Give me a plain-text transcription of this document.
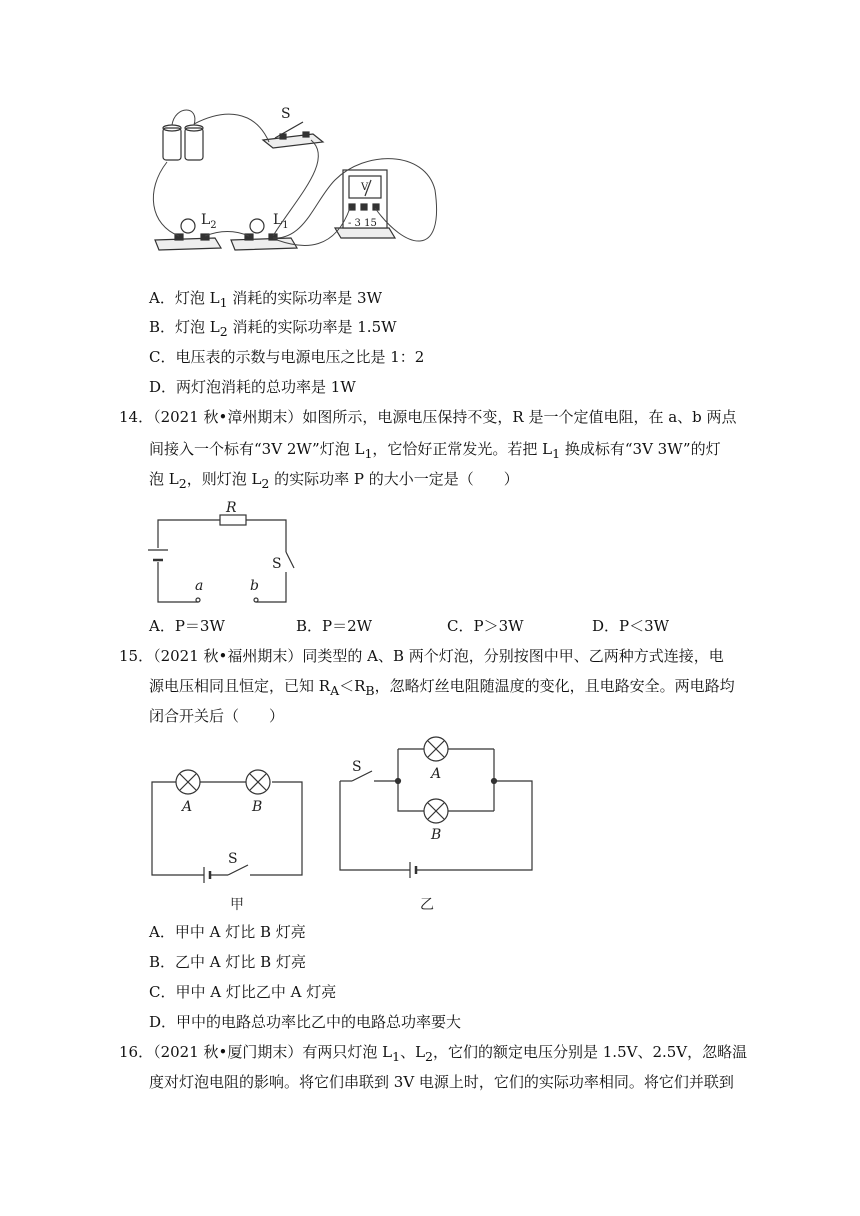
S
$L_2$	$L_1$
V
- 3 15
A．灯泡 $L_1$ 消耗的实际功率是 3W
B．灯泡 $L_2$ 消耗的实际功率是 1.5W
C．电压表的示数与电源电压之比是 1：2
D．两灯泡消耗的总功率是 1W
14．（2021 秋•漳州期末）如图所示，电源电压保持不变，R 是一个定值电阻，在 a、b 两点
间接入一个标有“3V 2W”灯泡 $L_1$，它恰好正常发光。若把 $L_1$ 换成标有“3V 3W”的灯
泡 $L_2$，则灯泡 $L_2$ 的实际功率 P 的大小一定是（　　）
R
S
a	b
A．P＝3W	B．P＝2W	C．P＞3W	D．P＜3W
15．（2021 秋•福州期末）同类型的 A、B 两个灯泡，分别按图中甲、乙两种方式连接，电
源电压相同且恒定，已知 $R_A<R_B$，忽略灯丝电阻随温度的变化，且电路安全。两电路均
闭合开关后（　　）
A	B
S
甲
A
B
S
乙
A．甲中 A 灯比 B 灯亮
B．乙中 A 灯比 B 灯亮
C．甲中 A 灯比乙中 A 灯亮
D．甲中的电路总功率比乙中的电路总功率要大
16．（2021 秋•厦门期末）有两只灯泡 $L_1$、$L_2$，它们的额定电压分别是 1.5V、2.5V，忽略温
度对灯泡电阻的影响。将它们串联到 3V 电源上时，它们的实际功率相同。将它们并联到
